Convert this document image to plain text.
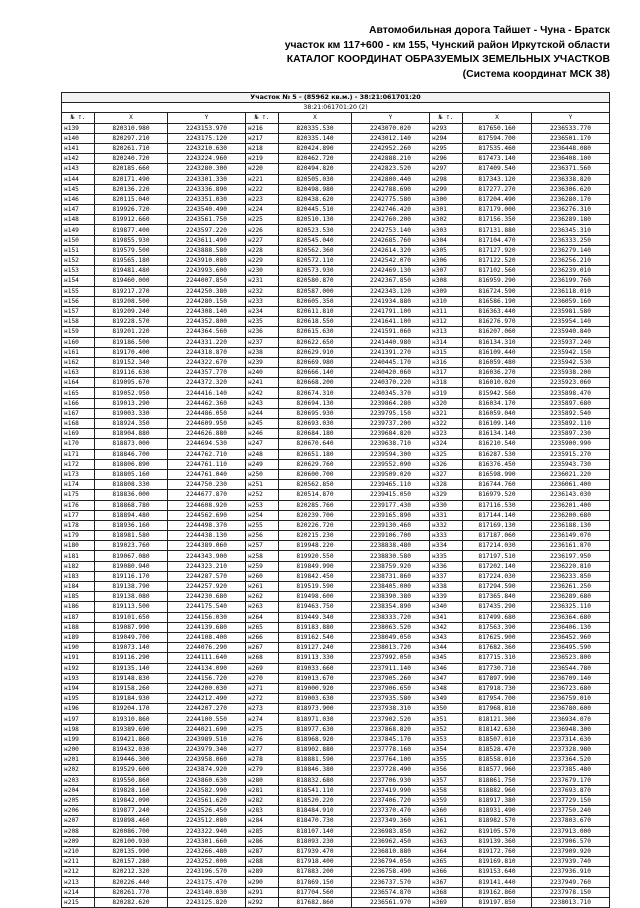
Автомобильная дорога Тайшет - Чуна - Братск
участок км 117+600 - км 155, Чунский район Иркутской области
КАТАЛОГ КООРДИНАТ ОБРАЗУЕМЫХ ЗЕМЕЛЬНЫХ УЧАСТКОВ
(Система координат МСК 38)
Участок № 5 - (85962 кв.м.) - 38:21:061701:20								
38:21:061701:20 (2)								
№ т.	X	Y	№ т.	X	Y	№ т.	X	Y
н139	820310.980	2243153.970	н216	820335.530	2243070.020	н293	817650.160	2236533.770
н140	820297.210	2243175.120	н217	820335.140	2243012.140	н294	817594.700	2236501.170
н141	820261.710	2243210.630	н218	820424.890	2242952.260	н295	817535.460	2236448.080
н142	820240.720	2243224.960	н219	820462.720	2242888.210	н296	817473.140	2236408.100
н143	820185.660	2243280.300	н220	820494.820	2242823.520	н297	817409.540	2236371.560
н144	820171.490	2243301.330	н221	820505.030	2242800.440	н298	817343.120	2236338.820
н145	820136.220	2243336.890	н222	820498.980	2242788.690	н299	817277.270	2236306.620
н146	820115.040	2243351.030	н223	820438.620	2242775.580	н300	817204.490	2236280.170
н147	819926.720	2243540.490	н224	820445.510	2242746.420	н301	817179.000	2236276.310
н148	819912.660	2243561.750	н225	820510.130	2242760.200	н302	817156.350	2236289.180
н149	819877.400	2243597.220	н226	820523.530	2242753.140	н303	817131.880	2236345.310
н150	819855.930	2243611.490	н227	820545.040	2242685.760	н304	817104.470	2236333.250
н151	819579.500	2243888.580	н228	820562.360	2242614.320	н305	817127.920	2236279.140
н152	819565.180	2243910.080	н229	820572.110	2242542.070	н306	817122.520	2236256.210
н153	819481.480	2243993.600	н230	820573.930	2242469.130	н307	817102.560	2236239.010
н154	819460.000	2244007.850	н231	820580.870	2242367.850	н308	816959.290	2236199.760
н155	819217.270	2244250.380	н232	820587.000	2242343.120	н309	816724.590	2236118.010
н156	819208.500	2244280.150	н233	820605.350	2241934.880	н310	816586.190	2236059.160
н157	819209.240	2244308.140	н234	820611.810	2241791.100	н311	816363.440	2235981.580
н158	819228.570	2244352.800	н235	820618.550	2241641.100	н312	816276.970	2235954.140
н159	819201.220	2244364.560	н236	820615.630	2241591.060	н313	816207.060	2235940.840
н160	819186.500	2244331.220	н237	820622.650	2241440.980	н314	816134.310	2235937.240
н161	819170.400	2244318.870	н238	820629.910	2241391.270	н315	816109.440	2235942.150
н162	819152.340	2244322.670	н239	820669.980	2240445.170	н316	816059.480	2235942.530
н163	819116.630	2244357.770	н240	820666.140	2240420.060	н317	816036.270	2235938.200
н164	819095.670	2244372.320	н241	820668.200	2240370.220	н318	816010.020	2235923.060
н165	819052.950	2244416.140	н242	820674.310	2240345.370	н319	815942.560	2235898.470
н166	819013.290	2244462.360	н243	820694.130	2239864.280	н320	816034.170	2235897.680
н167	819003.330	2244486.050	н244	820695.930	2239795.150	н321	816059.040	2235892.540
н168	818924.350	2244609.950	н245	820693.030	2239737.200	н322	816109.140	2235892.110
н169	818904.880	2244626.880	н246	820684.180	2239684.820	н323	816134.140	2235897.230
н170	818873.000	2244694.530	н247	820670.640	2239638.710	н324	816210.540	2235900.990
н171	818846.700	2244762.710	н248	820651.180	2239594.300	н325	816287.530	2235915.270
н172	818806.890	2244761.110	н249	820629.760	2239552.090	н326	816376.450	2235943.730
н173	818805.160	2244761.040	н250	820600.700	2239509.020	н327	816598.990	2236021.220
н174	818808.330	2244750.230	н251	820562.850	2239465.110	н328	816744.760	2236061.400
н175	818836.000	2244677.870	н252	820514.870	2239415.050	н329	816979.520	2236143.030
н176	818868.780	2244608.920	н253	820285.760	2239177.430	н330	817116.530	2236201.400
н177	818894.480	2244562.690	н254	820239.700	2239165.890	н331	817144.140	2236200.680
н178	818936.160	2244498.370	н255	820226.720	2239130.460	н332	817169.130	2236188.130
н179	818981.580	2244438.130	н256	820215.230	2239106.700	н333	817187.060	2236149.070
н180	819023.760	2244389.060	н257	819948.220	2238838.480	н334	817214.030	2236161.870
н181	819067.080	2244343.900	н258	819920.550	2238830.580	н335	817197.510	2236197.950
н182	819080.940	2244323.210	н259	819849.990	2238759.920	н336	817202.140	2236220.810
н183	819116.170	2244287.570	н260	819842.450	2238731.860	н337	817224.030	2236233.850
н184	819138.790	2244257.920	н261	819519.590	2238405.000	н338	817294.590	2236261.250
н185	819138.080	2244230.680	н262	819498.600	2238390.380	н339	817365.840	2236289.680
н186	819113.500	2244175.540	н263	819463.750	2238354.890	н340	817435.290	2236325.110
н187	819101.650	2244156.030	н264	819449.340	2238333.720	н341	817499.680	2236364.680
н188	819087.990	2244139.680	н265	819183.880	2238063.520	н342	817563.390	2236406.130
н189	819049.700	2244108.400	н266	819162.540	2238049.050	н343	817625.900	2236452.960
н190	819073.140	2244076.290	н267	819127.240	2238013.720	н344	817682.360	2236495.590
н191	819116.290	2244111.640	н268	819113.330	2237992.050	н345	817715.310	2236523.800
н192	819135.140	2244134.090	н269	819033.660	2237911.140	н346	817730.710	2236544.780
н193	819148.830	2244156.720	н270	819013.670	2237905.260	н347	817897.990	2236709.140
н194	819158.260	2244200.030	н271	819000.920	2237906.650	н348	817918.730	2236723.680
н195	819184.930	2244212.490	н272	819003.630	2237935.580	н349	817954.700	2236759.010
н196	819204.170	2244207.270	н273	818973.900	2237938.310	н350	817968.810	2236780.600
н197	819310.860	2244100.550	н274	818971.030	2237902.520	н351	818121.300	2236934.070
н198	819389.690	2244021.690	н275	818977.630	2237868.820	н352	818142.630	2236948.300
н199	819421.860	2243989.510	н276	818968.920	2237845.170	н353	818507.010	2237314.630
н200	819432.030	2243979.340	н277	818902.880	2237778.160	н354	818528.470	2237328.980
н201	819446.300	2243958.060	н278	818881.590	2237764.100	н355	818558.010	2237364.520
н202	819529.600	2243874.920	н279	818846.380	2237728.490	н356	818577.960	2237385.480
н203	819550.860	2243860.630	н280	818832.680	2237706.930	н357	818861.750	2237679.170
н204	819828.160	2243582.990	н281	818541.110	2237419.990	н358	818882.960	2237693.870
н205	819842.090	2243561.620	н282	818520.220	2237406.720	н359	818917.380	2237729.150
н206	819877.240	2243526.450	н283	818484.910	2237370.470	н360	818931.490	2237750.240
н207	819898.460	2243512.080	н284	818470.730	2237349.360	н361	818982.570	2237803.670
н208	820086.700	2243322.940	н285	818107.140	2236983.850	н362	819105.570	2237913.000
н209	820100.930	2243301.660	н286	818093.230	2236962.450	н363	819139.360	2237906.570
н210	820135.990	2243266.480	н287	817939.470	2236810.880	н364	819172.760	2237909.920
н211	820157.280	2243252.000	н288	817918.400	2236794.050	н365	819169.810	2237939.740
н212	820212.320	2243196.570	н289	817883.200	2236758.490	н366	819153.640	2237936.910
н213	820226.440	2243175.470	н290	817869.150	2236737.570	н367	819141.440	2237949.760
н214	820261.770	2243140.030	н291	817704.560	2236574.870	н368	819162.860	2237978.150
н215	820282.620	2243125.820	н292	817682.860	2236561.970	н369	819197.850	2238013.710
